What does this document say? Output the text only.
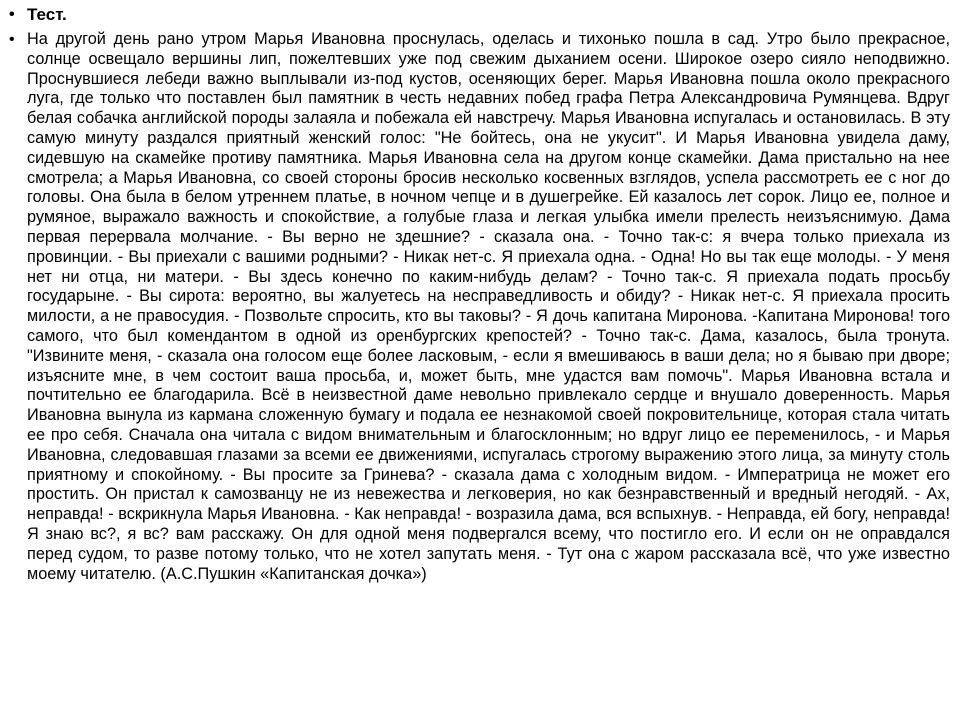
• Тест.
• На другой день рано утром Марья Ивановна проснулась, оделась и тихонько пошла в сад. Утро было прекрасное, солнце освещало вершины лип, пожелтевших уже под свежим дыханием осени. Широкое озеро сияло неподвижно. Проснувшиеся лебеди важно выплывали из-под кустов, осеняющих берег. Марья Ивановна пошла около прекрасного луга, где только что поставлен был памятник в честь недавних побед графа Петра Александровича Румянцева. Вдруг белая собачка английской породы залаяла и побежала ей навстречу. Марья Ивановна испугалась и остановилась. В эту самую минуту раздался приятный женский голос: "Не бойтесь, она не укусит". И Марья Ивановна увидела даму, сидевшую на скамейке противу памятника. Марья Ивановна села на другом конце скамейки. Дама пристально на нее смотрела; а Марья Ивановна, со своей стороны бросив несколько косвенных взглядов, успела рассмотреть ее с ног до головы. Она была в белом утреннем платье, в ночном чепце и в душегрейке. Ей казалось лет сорок. Лицо ее, полное и румяное, выражало важность и спокойствие, а голубые глаза и легкая улыбка имели прелесть неизъяснимую. Дама первая перервала молчание. - Вы верно не здешние? - сказала она. - Точно так-с: я вчера только приехала из провинции. - Вы приехали с вашими родными? - Никак нет-с. Я приехала одна. - Одна! Но вы так еще молоды. - У меня нет ни отца, ни матери. - Вы здесь конечно по каким-нибудь делам? - Точно так-с. Я приехала подать просьбу государыне. - Вы сирота: вероятно, вы жалуетесь на несправедливость и обиду? - Никак нет-с. Я приехала просить милости, а не правосудия. - Позвольте спросить, кто вы таковы? - Я дочь капитана Миронова. -Капитана Миронова! того самого, что был комендантом в одной из оренбургских крепостей? - Точно так-с. Дама, казалось, была тронута. "Извините меня, - сказала она голосом еще более ласковым, - если я вмешиваюсь в ваши дела; но я бываю при дворе; изъясните мне, в чем состоит ваша просьба, и, может быть, мне удастся вам помочь". Марья Ивановна встала и почтительно ее благодарила. Всё в неизвестной даме невольно привлекало сердце и внушало доверенность. Марья Ивановна вынула из кармана сложенную бумагу и подала ее незнакомой своей покровительнице, которая стала читать ее про себя. Сначала она читала с видом внимательным и благосклонным; но вдруг лицо ее переменилось, - и Марья Ивановна, следовавшая глазами за всеми ее движениями, испугалась строгому выражению этого лица, за минуту столь приятному и спокойному. - Вы просите за Гринева? - сказала дама с холодным видом. - Императрица не может его простить. Он пристал к самозванцу не из невежества и легковерия, но как безнравственный и вредный негодяй. - Ах, неправда! - вскрикнула Марья Ивановна. - Как неправда! - возразила дама, вся вспыхнув. - Неправда, ей богу, неправда! Я знаю вс?, я вс? вам расскажу. Он для одной меня подвергался всему, что постигло его. И если он не оправдался перед судом, то разве потому только, что не хотел запутать меня. - Тут она с жаром рассказала всё, что уже известно моему читателю. (А.С.Пушкин «Капитанская дочка»)
